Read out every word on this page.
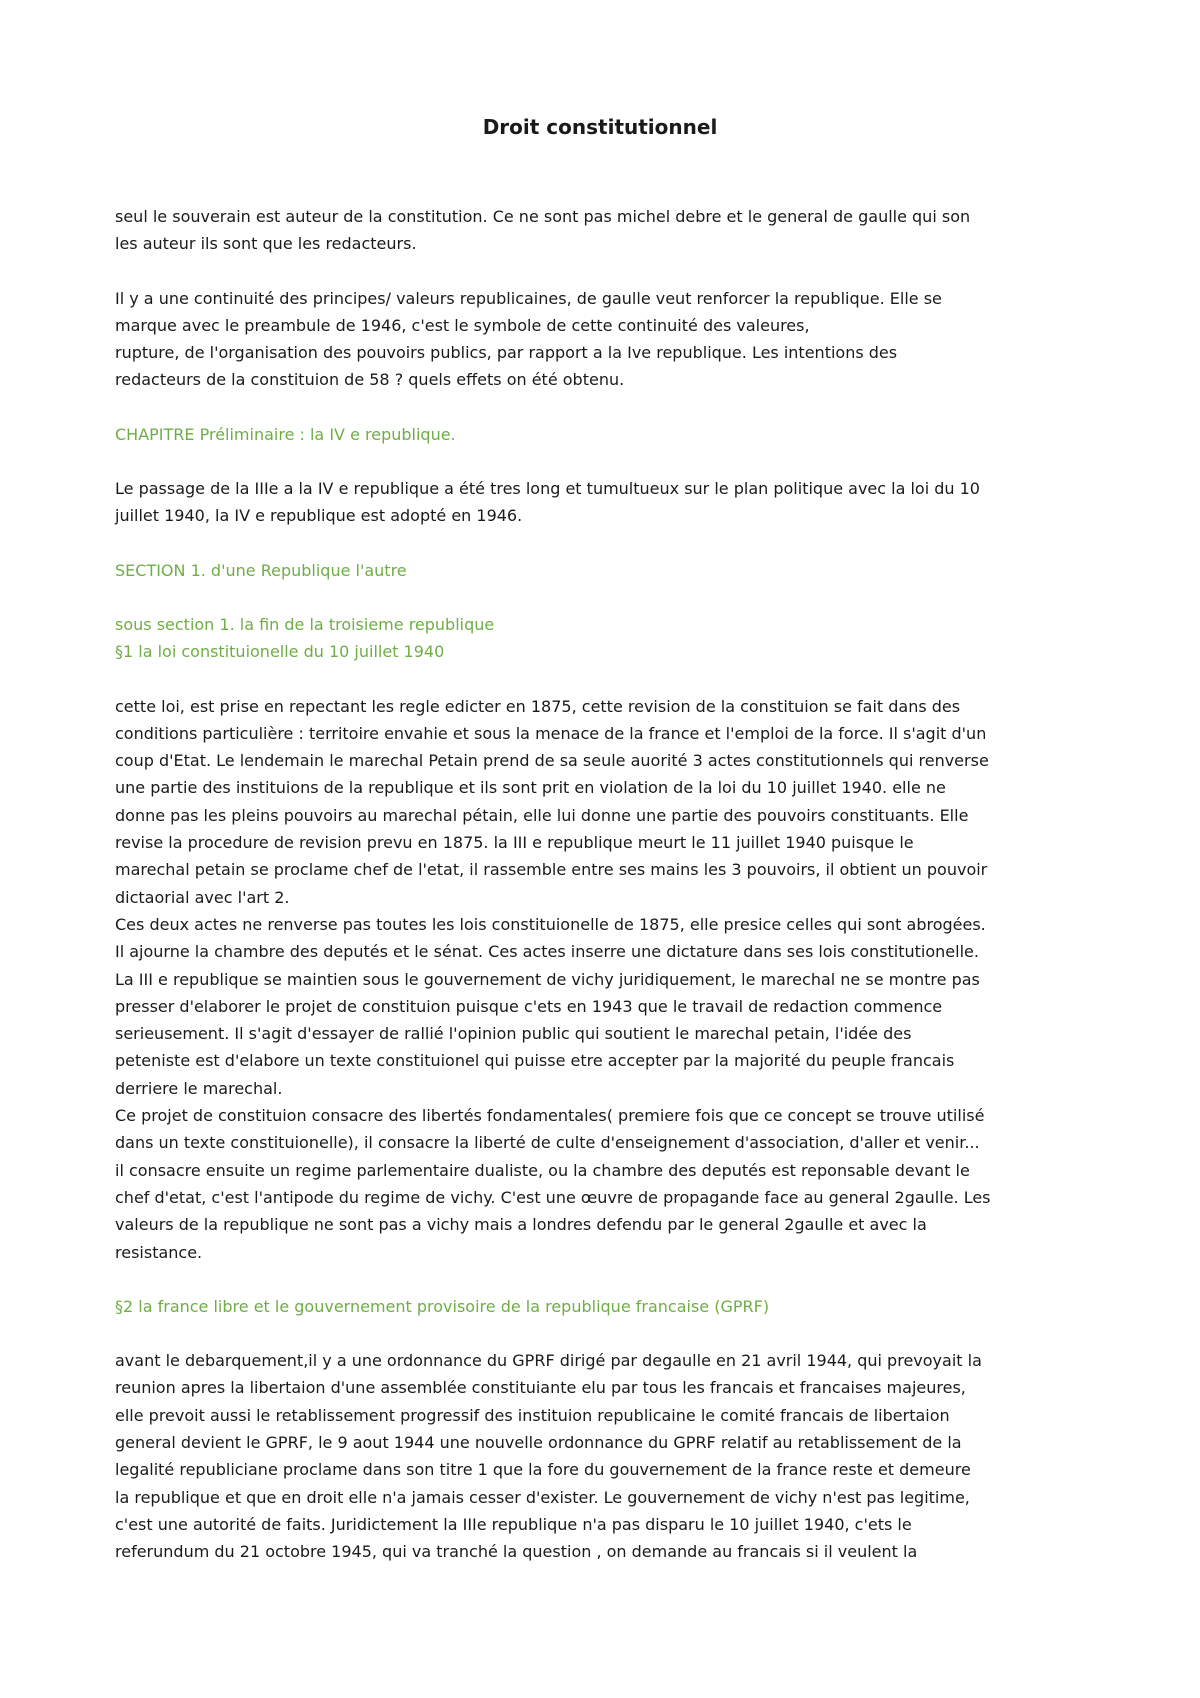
Droit constitutionnel
seul le souverain est auteur de la constitution. Ce ne sont pas michel debre et le general de gaulle qui son
les auteur ils sont que les redacteurs.
Il y a une continuité des principes/ valeurs republicaines, de gaulle veut renforcer la republique. Elle se
marque avec le preambule de 1946, c'est le symbole de cette continuité des valeures,
rupture, de l'organisation des pouvoirs publics, par rapport a la Ive republique. Les intentions des
redacteurs de la constituion de 58 ? quels effets on été obtenu.
CHAPITRE Préliminaire : la IV e republique.
Le passage de la IIIe a la IV e republique a été tres long et tumultueux sur le plan politique avec la loi du 10
juillet 1940, la IV e republique est adopté en 1946.
SECTION 1. d'une Republique l'autre
sous section 1. la fin de la troisieme republique
§1 la loi constituionelle du 10 juillet 1940
cette loi, est prise en repectant les regle edicter en 1875, cette revision de la constituion se fait dans des
conditions particulière : territoire envahie et sous la menace de la france et l'emploi de la force. Il s'agit d'un
coup d'Etat. Le lendemain le marechal Petain prend de sa seule auorité 3 actes constitutionnels qui renverse
une partie des instituions de la republique et ils sont prit en violation de la loi du 10 juillet 1940. elle ne
donne pas les pleins pouvoirs au marechal pétain, elle lui donne une partie des pouvoirs constituants. Elle
revise la procedure de revision prevu en 1875. la III e republique meurt le 11 juillet 1940 puisque le
marechal petain se proclame chef de l'etat, il rassemble entre ses mains les 3 pouvoirs, il obtient un pouvoir
dictaorial avec l'art 2.
Ces deux actes ne renverse pas toutes les lois constituionelle de 1875, elle presice celles qui sont abrogées.
Il ajourne la chambre des deputés et le sénat. Ces actes inserre une dictature dans ses lois constitutionelle.
La III e republique se maintien sous le gouvernement de vichy juridiquement, le marechal ne se montre pas
presser d'elaborer le projet de constituion puisque c'ets en 1943 que le travail de redaction commence
serieusement. Il s'agit d'essayer de rallié l'opinion public qui soutient le marechal petain, l'idée des
peteniste est d'elabore un texte constituionel qui puisse etre accepter par la majorité du peuple francais
derriere le marechal.
Ce projet de constituion consacre des libertés fondamentales( premiere fois que ce concept se trouve utilisé
dans un texte constituionelle), il consacre la liberté de culte d'enseignement d'association, d'aller et venir...
il consacre ensuite un regime parlementaire dualiste, ou la chambre des deputés est reponsable devant le
chef d'etat, c'est l'antipode du regime de vichy. C'est une œuvre de propagande face au general 2gaulle. Les
valeurs de la republique ne sont pas a vichy mais a londres defendu par le general 2gaulle et avec la
resistance.
§2 la france libre et le gouvernement provisoire de la republique francaise (GPRF)
avant le debarquement,il y a une ordonnance du GPRF dirigé par degaulle en 21 avril 1944, qui prevoyait la
reunion apres la libertaion d'une assemblée constituiante elu par tous les francais et francaises majeures,
elle prevoit aussi le retablissement progressif des instituion republicaine le comité francais de libertaion
general devient le GPRF, le 9 aout 1944 une nouvelle ordonnance du GPRF relatif au retablissement de la
legalité republiciane proclame dans son titre 1 que la fore du gouvernement de la france reste et demeure
la republique et que en droit elle n'a jamais cesser d'exister. Le gouvernement de vichy n'est pas legitime,
c'est une autorité de faits. Juridictement la IIIe republique n'a pas disparu le 10 juillet 1940, c'ets le
referundum du 21 octobre 1945, qui va tranché la question , on demande au francais si il veulent la
